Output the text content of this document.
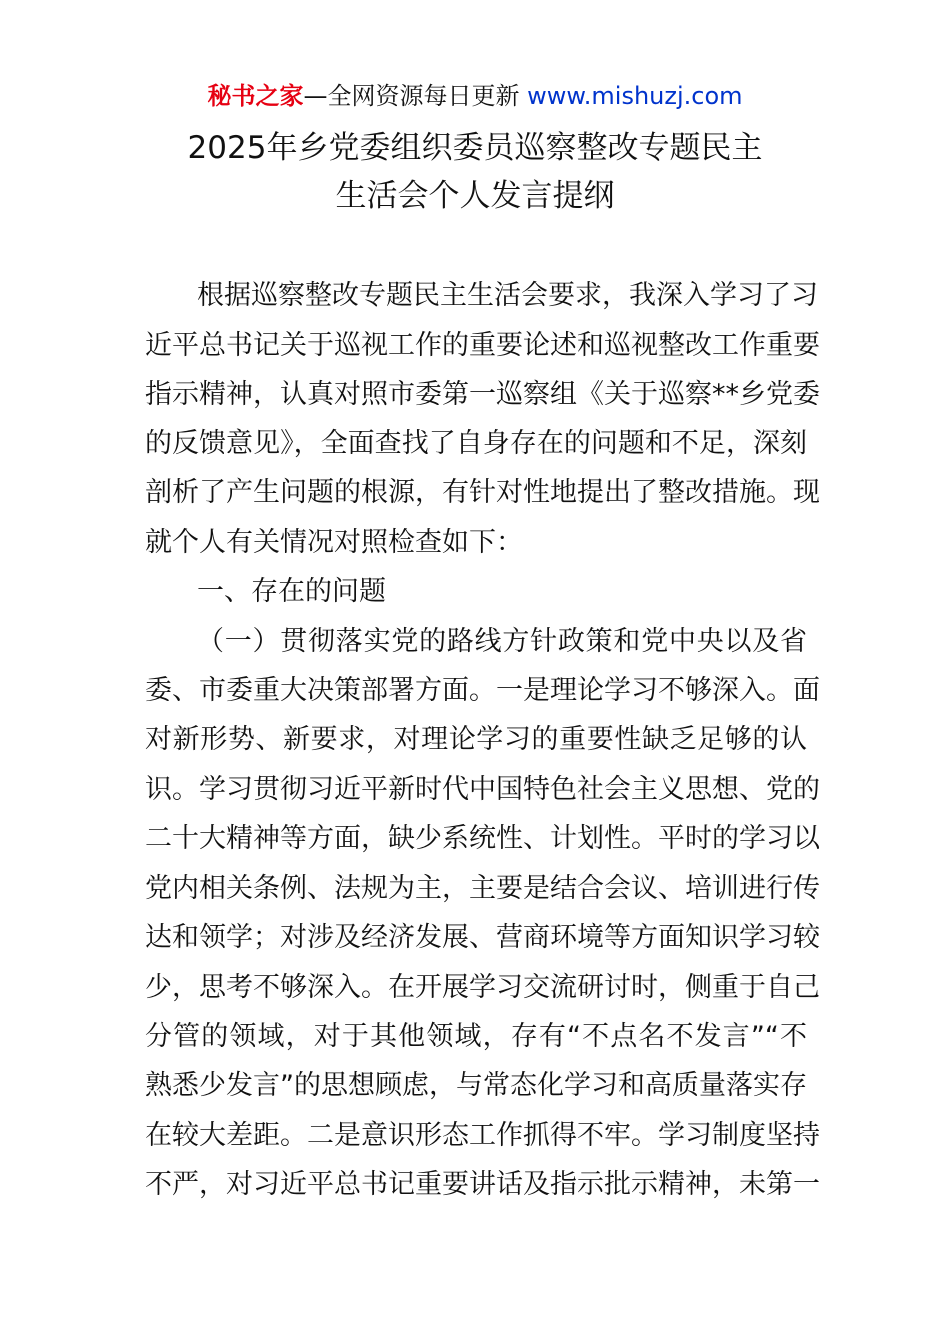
秘书之家—全网资源每日更新 www.mishuzj.com
2025年乡党委组织委员巡察整改专题民主
生活会个人发言提纲
根据巡察整改专题民主生活会要求，我深入学习了习
近平总书记关于巡视工作的重要论述和巡视整改工作重要
指示精神，认真对照市委第一巡察组《关于巡察**乡党委
的反馈意见》，全面查找了自身存在的问题和不足，深刻
剖析了产生问题的根源，有针对性地提出了整改措施。现
就个人有关情况对照检查如下：
一、存在的问题
（一）贯彻落实党的路线方针政策和党中央以及省
委、市委重大决策部署方面。一是理论学习不够深入。面
对新形势、新要求，对理论学习的重要性缺乏足够的认
识。学习贯彻习近平新时代中国特色社会主义思想、党的
二十大精神等方面，缺少系统性、计划性。平时的学习以
党内相关条例、法规为主，主要是结合会议、培训进行传
达和领学；对涉及经济发展、营商环境等方面知识学习较
少，思考不够深入。在开展学习交流研讨时，侧重于自己
分管的领域，对于其他领域，存有“不点名不发言”“不
熟悉少发言”的思想顾虑，与常态化学习和高质量落实存
在较大差距。二是意识形态工作抓得不牢。学习制度坚持
不严，对习近平总书记重要讲话及指示批示精神，未第一
